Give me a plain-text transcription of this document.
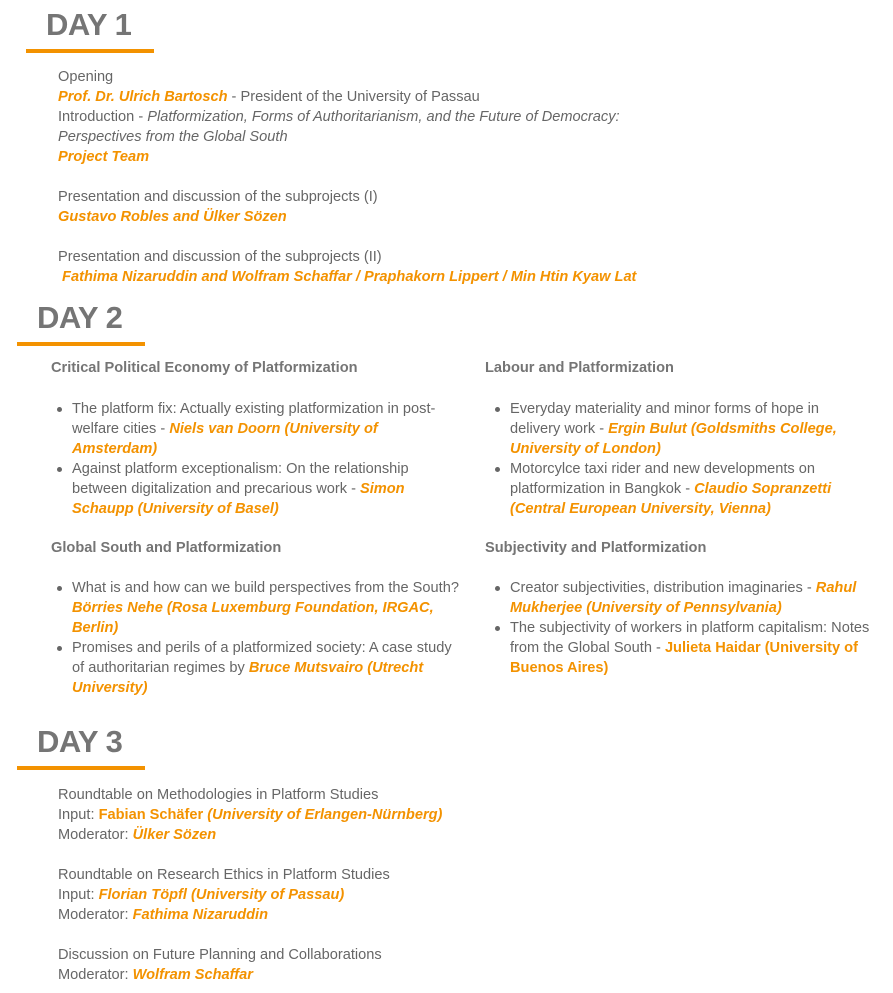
DAY 1

Opening

Prof. Dr. Ulrich Bartosch - President of the University of Passau

Introduction - Platformization, Forms of Authoritarianism, and the Future of Democracy:

Perspectives from the Global South

Project Team

Presentation and discussion of the subprojects (I)

Gustavo Robles and Ülker Sözen

Presentation and discussion of the subprojects (II)

Fathima Nizaruddin and Wolfram Schaffar / Praphakorn Lippert / Min Htin Kyaw Lat

DAY 2
Critical Political Economy of Platformization
The platform fix: Actually existing platformization in post-welfare cities - Niels van Doorn (University of Amsterdam)
Against platform exceptionalism: On the relationship between digitalization and precarious work - Simon Schaupp (University of Basel)
Labour and Platformization
Everyday materiality and minor forms of hope in delivery work - Ergin Bulut (Goldsmiths College, University of London)
Motorcylce taxi rider and new developments on platformization in Bangkok - Claudio Sopranzetti (Central European University, Vienna)
Global South and Platformization
What is and how can we build perspectives from the South? Börries Nehe (Rosa Luxemburg Foundation, IRGAC, Berlin)
Promises and perils of a platformized society: A case study of authoritarian regimes by Bruce Mutsvairo (Utrecht University)
Subjectivity and Platformization
Creator subjectivities, distribution imaginaries - Rahul Mukherjee (University of Pennsylvania)
The subjectivity of workers in platform capitalism: Notes from the Global South - Julieta Haidar (University of Buenos Aires)
DAY 3

Roundtable on Methodologies in Platform Studies

Input: Fabian Schäfer (University of Erlangen-Nürnberg)

Moderator: Ülker Sözen

Roundtable on Research Ethics in Platform Studies

Input: Florian Töpfl (University of Passau)

Moderator: Fathima Nizaruddin

Discussion on Future Planning and Collaborations

Moderator: Wolfram Schaffar
